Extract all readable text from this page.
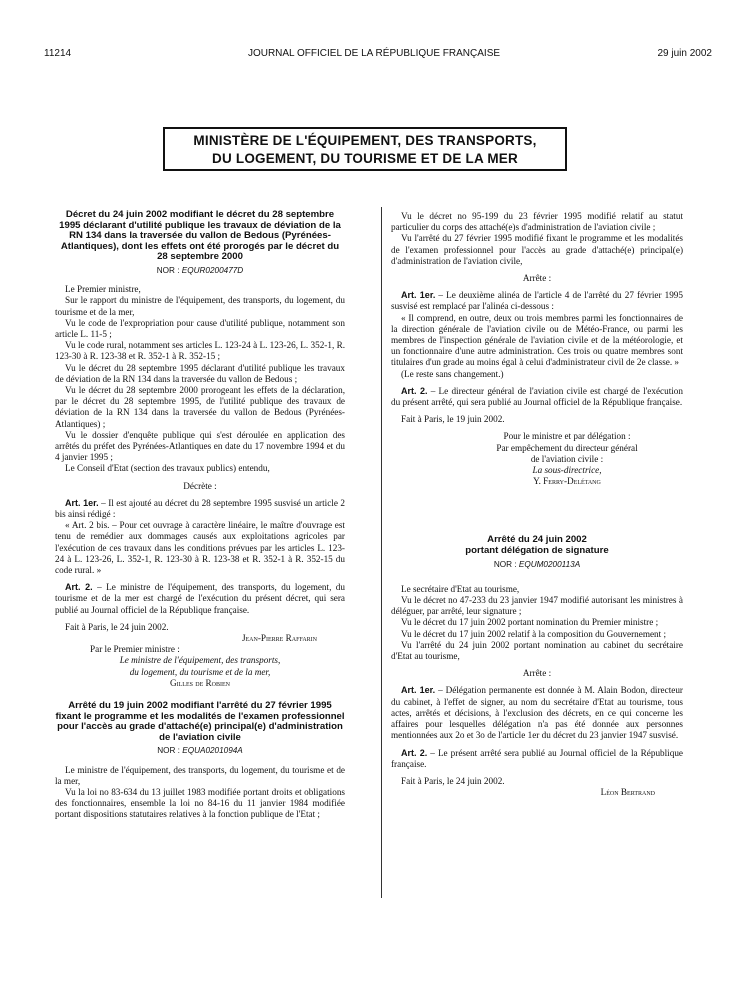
11214	JOURNAL OFFICIEL DE LA RÉPUBLIQUE FRANÇAISE	29 juin 2002
MINISTÈRE DE L'ÉQUIPEMENT, DES TRANSPORTS,
DU LOGEMENT, DU TOURISME ET DE LA MER
Décret du 24 juin 2002 modifiant le décret du 28 septembre 1995 déclarant d'utilité publique les travaux de déviation de la RN 134 dans la traversée du vallon de Bedous (Pyrénées-Atlantiques), dont les effets ont été prorogés par le décret du 28 septembre 2000
NOR : EQUR0200477D

Le Premier ministre,

Sur le rapport du ministre de l'équipement, des transports, du logement, du tourisme et de la mer,

Vu le code de l'expropriation pour cause d'utilité publique, notamment son article L. 11-5 ;

Vu le code rural, notamment ses articles L. 123-24 à L. 123-26, L. 352-1, R. 123-30 à R. 123-38 et R. 352-1 à R. 352-15 ;

Vu le décret du 28 septembre 1995 déclarant d'utilité publique les travaux de déviation de la RN 134 dans la traversée du vallon de Bedous ;

Vu le décret du 28 septembre 2000 prorogeant les effets de la déclaration, par le décret du 28 septembre 1995, de l'utilité publique des travaux de déviation de la RN 134 dans la traversée du vallon de Bedous (Pyrénées-Atlantiques) ;

Vu le dossier d'enquête publique qui s'est déroulée en application des arrêtés du préfet des Pyrénées-Atlantiques en date du 17 novembre 1994 et du 4 janvier 1995 ;

Le Conseil d'Etat (section des travaux publics) entendu,

Décrète :

Art. 1er. – Il est ajouté au décret du 28 septembre 1995 susvisé un article 2 bis ainsi rédigé :

« Art. 2 bis. – Pour cet ouvrage à caractère linéaire, le maître d'ouvrage est tenu de remédier aux dommages causés aux exploitations agricoles par l'exécution de ces travaux dans les conditions prévues par les articles L. 123-24 à L. 123-26, L. 352-1, R. 123-30 à R. 123-38 et R. 352-1 à R. 352-15 du code rural. »

Art. 2. – Le ministre de l'équipement, des transports, du logement, du tourisme et de la mer est chargé de l'exécution du présent décret, qui sera publié au Journal officiel de la République française.

Fait à Paris, le 24 juin 2002.

Jean-Pierre Raffarin

Par le Premier ministre :

Le ministre de l'équipement, des transports,

du logement, du tourisme et de la mer,

Gilles de Robien

Arrêté du 19 juin 2002 modifiant l'arrêté du 27 février 1995 fixant le programme et les modalités de l'examen professionnel pour l'accès au grade d'attaché(e) principal(e) d'administration de l'aviation civile
NOR : EQUA0201094A

Le ministre de l'équipement, des transports, du logement, du tourisme et de la mer,

Vu la loi no 83-634 du 13 juillet 1983 modifiée portant droits et obligations des fonctionnaires, ensemble la loi no 84-16 du 11 janvier 1984 modifiée portant dispositions statutaires relatives à la fonction publique de l'Etat ;

Vu le décret no 95-199 du 23 février 1995 modifié relatif au statut particulier du corps des attaché(e)s d'administration de l'aviation civile ;

Vu l'arrêté du 27 février 1995 modifié fixant le programme et les modalités de l'examen professionnel pour l'accès au grade d'attaché(e) principal(e) d'administration de l'aviation civile,

Arrête :

Art. 1er. – Le deuxième alinéa de l'article 4 de l'arrêté du 27 février 1995 susvisé est remplacé par l'alinéa ci-dessous :

« Il comprend, en outre, deux ou trois membres parmi les fonctionnaires de la direction générale de l'aviation civile ou de Météo-France, ou parmi les membres de l'inspection générale de l'aviation civile et de la météorologie, et un fonctionnaire d'une autre administration. Ces trois ou quatre membres sont titulaires d'un grade au moins égal à celui d'administrateur civil de 2e classe. »

(Le reste sans changement.)

Art. 2. – Le directeur général de l'aviation civile est chargé de l'exécution du présent arrêté, qui sera publié au Journal officiel de la République française.

Fait à Paris, le 19 juin 2002.

Pour le ministre et par délégation :

Par empêchement du directeur général

de l'aviation civile :

La sous-directrice,

Y. Ferry-Delétang

Arrêté du 24 juin 2002
portant délégation de signature
NOR : EQUM0200113A

Le secrétaire d'Etat au tourisme,

Vu le décret no 47-233 du 23 janvier 1947 modifié autorisant les ministres à déléguer, par arrêté, leur signature ;

Vu le décret du 17 juin 2002 portant nomination du Premier ministre ;

Vu le décret du 17 juin 2002 relatif à la composition du Gouvernement ;

Vu l'arrêté du 24 juin 2002 portant nomination au cabinet du secrétaire d'Etat au tourisme,

Arrête :

Art. 1er. – Délégation permanente est donnée à M. Alain Bodon, directeur du cabinet, à l'effet de signer, au nom du secrétaire d'Etat au tourisme, tous actes, arrêtés et décisions, à l'exclusion des décrets, en ce qui concerne les affaires pour lesquelles délégation n'a pas été donnée aux personnes mentionnées aux 2o et 3o de l'article 1er du décret du 23 janvier 1947 susvisé.

Art. 2. – Le présent arrêté sera publié au Journal officiel de la République française.

Fait à Paris, le 24 juin 2002.

Léon Bertrand
